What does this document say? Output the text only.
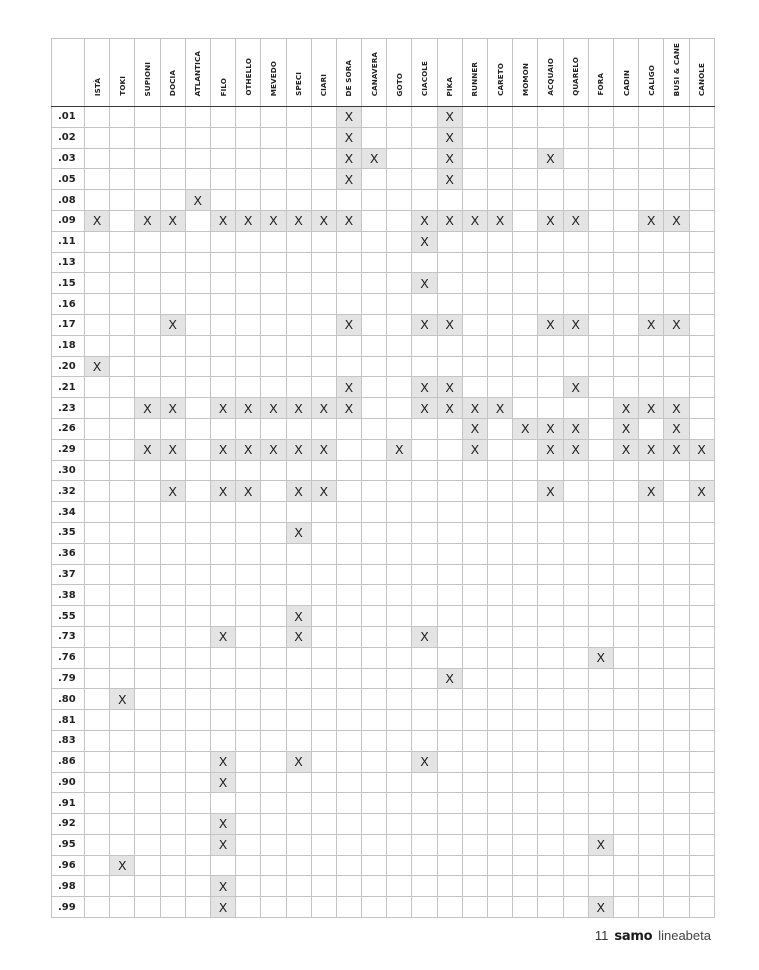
	ISTÀ	TOKI	SUPIONI	DOCIA	ATLANTICA	FILO	OTHELLO	MEVEDO	SPECI	CIARI	DE SORA	CANAVERA	GOTO	CIACOLE	PIKA	RUNNER	CARETO	MOMON	ACQUAIO	QUARELO	FORA	CADIN	CALIGO	BUSI & CANE	CANOLE
.01											X				X										
.02											X				X										
.03											X	X			X				X						
.05											X				X										
.08					X																				
.09	X		X	X		X	X	X	X	X	X			X	X	X	X		X	X			X	X	
.11														X											
.13																									
.15														X											
.16																									
.17				X							X			X	X				X	X			X	X	
.18																									
.20	X																								
.21											X			X	X					X					
.23			X	X		X	X	X	X	X	X			X	X	X	X					X	X	X	
.26																X		X	X	X		X		X	
.29			X	X		X	X	X	X	X			X			X			X	X		X	X	X	X
.30																									
.32				X		X	X		X	X									X				X		X
.34																									
.35									X																
.36																									
.37																									
.38																									
.55									X																
.73						X			X					X											
.76																					X				
.79															X										
.80		X																							
.81																									
.83																									
.86						X			X					X											
.90						X																			
.91																									
.92						X																			
.95						X															X				
.96		X																							
.98						X																			
.99						X															X				
11 samo lineabeta
